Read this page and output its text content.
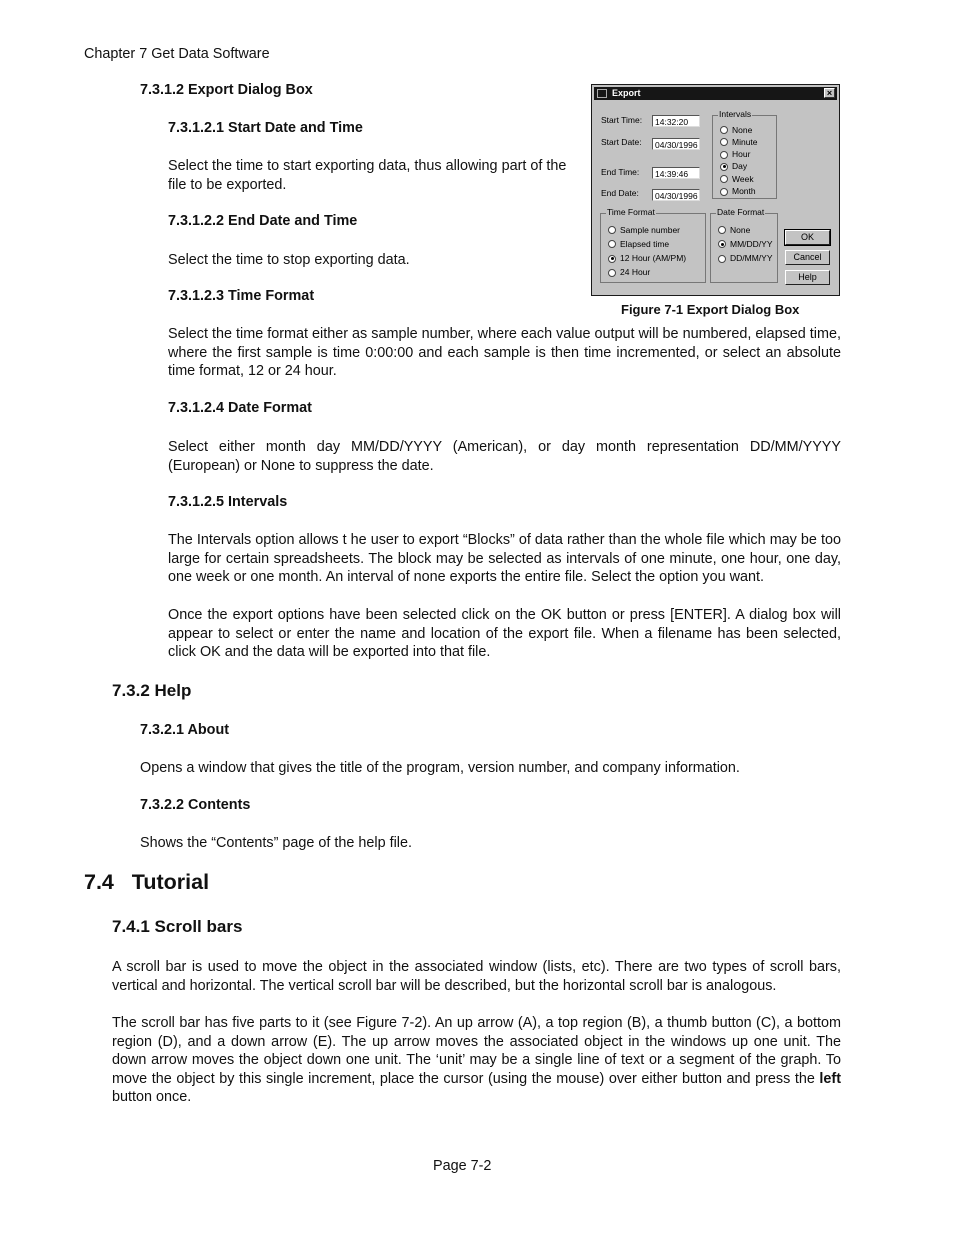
Chapter 7 Get Data Software
7.3.1.2 Export Dialog Box
7.3.1.2.1 Start Date and Time

Select the time to start exporting data, thus allowing part of the file to be exported.

7.3.1.2.2 End Date and Time

Select the time to stop exporting data.

7.3.1.2.3 Time Format

Select the time format either as sample number, where each value output will be numbered, elapsed time, where the first sample is time 0:00:00 and each sample is then time incremented, or select an absolute time format, 12 or 24 hour.

7.3.1.2.4 Date Format

Select either month day MM/DD/YYYY (American), or day month representation DD/MM/YYYY (European) or None to suppress the date.

7.3.1.2.5 Intervals

The Intervals option allows t he user to export “Blocks” of data rather than the whole file which may be too large for certain spreadsheets. The block may be selected as intervals of one minute, one hour, one day, one week or one month. An interval of none exports the entire file. Select the option you want.

Once the export options have been selected click on the OK button or press [ENTER]. A dialog box will appear to select or enter the name and location of the export file. When a filename has been selected, click OK and the data will be exported into that file.

7.3.2 Help
7.3.2.1 About

Opens a window that gives the title of the program, version number, and company information.

7.3.2.2 Contents

Shows the “Contents” page of the help file.

7.4   Tutorial
7.4.1 Scroll bars

A scroll bar is used to move the object in the associated window (lists, etc). There are two types of scroll bars, vertical and horizontal. The vertical scroll bar will be described, but the horizontal scroll bar is analogous.

The scroll bar has five parts to it (see Figure 7-2). An up arrow (A), a top region (B), a thumb button (C), a bottom region (D), and a down arrow (E). The up arrow moves the associated object in the windows up one unit. The down arrow moves the object down one unit. The ‘unit’ may be a single line of text or a segment of the graph. To move the object by this single increment, place the cursor (using the mouse) over either button and press the left button once.

Page 7-2
Figure 7-1 Export Dialog Box
Export	×
Start Time:	14:32:20
Start Date:	04/30/1996
End Time:	14:39:46
End Date:	04/30/1996
Intervals
None
Minute
Hour
Day
Week
Month
Time Format
Sample number
Elapsed time
12 Hour (AM/PM)
24 Hour
Date Format
None
MM/DD/YY
DD/MM/YY
OK
Cancel
Help
